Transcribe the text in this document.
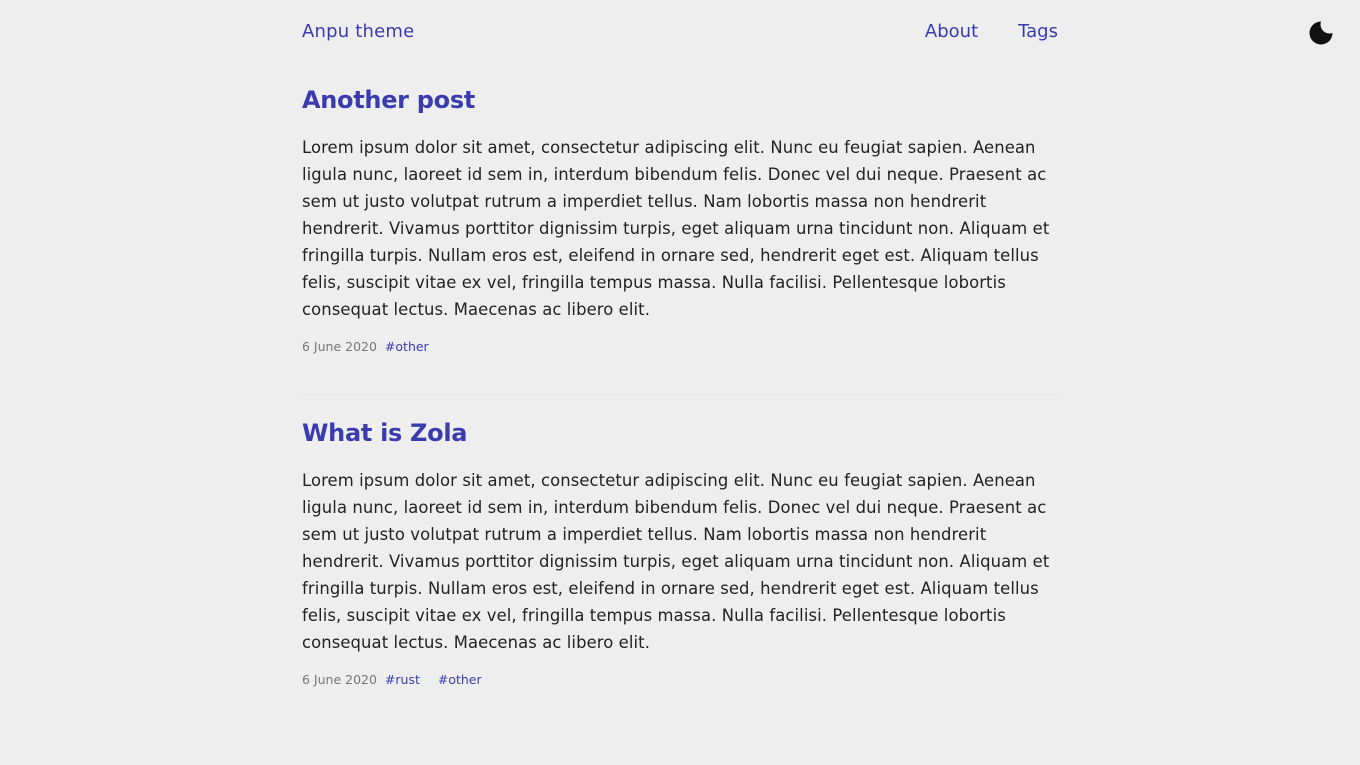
Anpu theme	About Tags
Another post

Lorem ipsum dolor sit amet, consectetur adipiscing elit. Nunc eu feugiat sapien. Aenean ligula nunc, laoreet id sem in, interdum bibendum felis. Donec vel dui neque. Praesent ac sem ut justo volutpat rutrum a imperdiet tellus. Nam lobortis massa non hendrerit hendrerit. Vivamus porttitor dignissim turpis, eget aliquam urna tincidunt non. Aliquam et fringilla turpis. Nullam eros est, eleifend in ornare sed, hendrerit eget est. Aliquam tellus felis, suscipit vitae ex vel, fringilla tempus massa. Nulla facilisi. Pellentesque lobortis consequat lectus. Maecenas ac libero elit.

6 June 2020 #other
What is Zola

Lorem ipsum dolor sit amet, consectetur adipiscing elit. Nunc eu feugiat sapien. Aenean ligula nunc, laoreet id sem in, interdum bibendum felis. Donec vel dui neque. Praesent ac sem ut justo volutpat rutrum a imperdiet tellus. Nam lobortis massa non hendrerit hendrerit. Vivamus porttitor dignissim turpis, eget aliquam urna tincidunt non. Aliquam et fringilla turpis. Nullam eros est, eleifend in ornare sed, hendrerit eget est. Aliquam tellus felis, suscipit vitae ex vel, fringilla tempus massa. Nulla facilisi. Pellentesque lobortis consequat lectus. Maecenas ac libero elit.

6 June 2020 #rust #other
